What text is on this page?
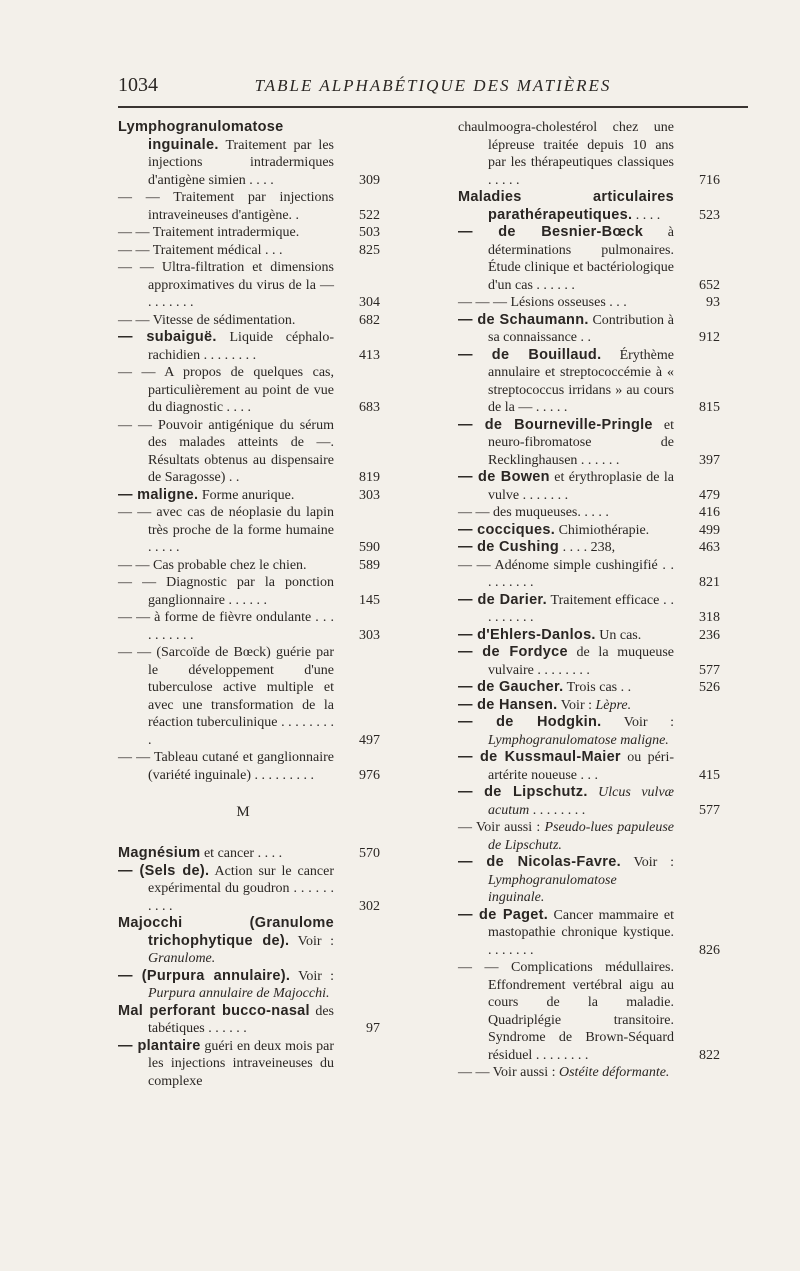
1034	TABLE ALPHABÉTIQUE DES MATIÈRES
Lymphogranulomatose inguinale. Traitement par les injections intradermiques d'antigène simien . . . .	309
— — Traitement par injections intraveineuses d'antigène. .	522
— — Traitement intradermique.	503
— — Traitement médical . . .	825
— — Ultra-filtration et dimensions approximatives du virus de la — . . . . . . .	304
— — Vitesse de sédimentation.	682
— subaiguë. Liquide céphalo-rachidien . . . . . . . .	413
— — A propos de quelques cas, particulièrement au point de vue du diagnostic . . . .	683
— — Pouvoir antigénique du sérum des malades atteints de —. Résultats obtenus au dispensaire de Saragosse) . .	819
— maligne. Forme anurique.	303
— — avec cas de néoplasie du lapin très proche de la forme humaine . . . . .	590
— — Cas probable chez le chien.	589
— — Diagnostic par la ponction ganglionnaire . . . . . .	145
— — à forme de fièvre ondulante . . . . . . . . . .	303
— — (Sarcoïde de Bœck) guérie par le développement d'une tuberculose active multiple et avec une transformation de la réaction tuberculinique . . . . . . . . .	497
— — Tableau cutané et ganglionnaire (variété inguinale) . . . . . . . . .	976
M
Magnésium et cancer . . . .	570
— (Sels de). Action sur le cancer expérimental du goudron . . . . . . . . . .	302
Majocchi (Granulome trichophytique de). Voir : Granulome.
— (Purpura annulaire). Voir : Purpura annulaire de Majocchi.
Mal perforant bucco-nasal des tabétiques . . . . . .	97
— plantaire guéri en deux mois par les injections intraveineuses du complexe
chaulmoogra-cholestérol chez une lépreuse traitée depuis 10 ans par les thérapeutiques classiques . . . . .	716
Maladies articulaires parathérapeutiques. . . . .	523
— de Besnier-Bœck à déterminations pulmonaires. Étude clinique et bactériologique d'un cas . . . . . .	652
— — — Lésions osseuses . . .	93
— de Schaumann. Contribution à sa connaissance . .	912
— de Bouillaud. Érythème annulaire et streptococcémie à « streptococcus irridans » au cours de la — . . . . .	815
— de Bourneville-Pringle et neuro-fibromatose de Recklinghausen . . . . . .	397
— de Bowen et érythroplasie de la vulve . . . . . . .	479
— — des muqueuses. . . . .	416
— cocciques. Chimiothérapie.	499
— de Cushing . . . . 238,	463
— — Adénome simple cushingifié . . . . . . . . .	821
— de Darier. Traitement efficace . . . . . . . . .	318
— d'Ehlers-Danlos. Un cas.	236
— de Fordyce de la muqueuse vulvaire . . . . . . . .	577
— de Gaucher. Trois cas . .	526
— de Hansen. Voir : Lèpre.
— de Hodgkin. Voir : Lymphogranulomatose maligne.
— de Kussmaul-Maier ou péri-artérite noueuse . . .	415
— de Lipschutz. Ulcus vulvæ acutum . . . . . . . .	577
— Voir aussi : Pseudo-lues papuleuse de Lipschutz.
— de Nicolas-Favre. Voir : Lymphogranulomatose inguinale.
— de Paget. Cancer mammaire et mastopathie chronique kystique. . . . . . . .	826
— — Complications médullaires. Effondrement vertébral aigu au cours de la maladie. Quadriplégie transitoire. Syndrome de Brown-Séquard résiduel . . . . . . . .	822
— — Voir aussi : Ostéite déformante.
